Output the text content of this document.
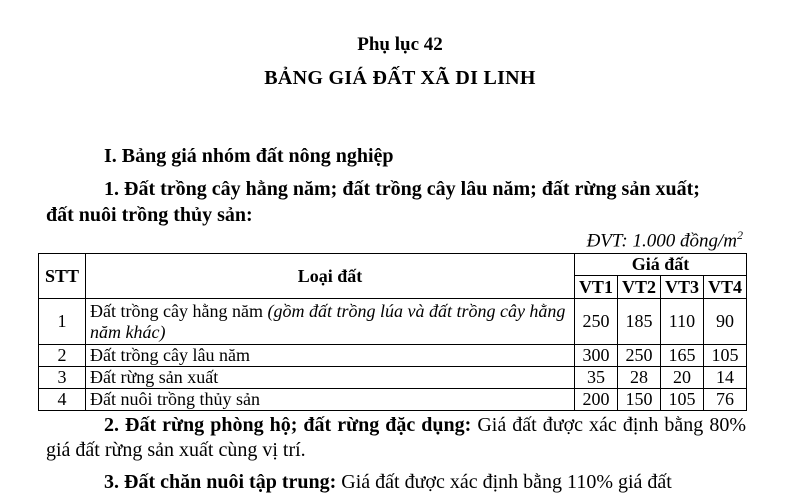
Phụ lục 42
BẢNG GIÁ ĐẤT XÃ DI LINH
I. Bảng giá nhóm đất nông nghiệp
1. Đất trồng cây hằng năm; đất trồng cây lâu năm; đất rừng sản xuất;
đất nuôi trồng thủy sản:
ĐVT: 1.000 đồng/$m^2$
STT	Loại đất	Giá đất			
		VT1	VT2	VT3	VT4
1	Đất trồng cây hằng năm (gồm đất trồng lúa và đất trồng cây hằng năm khác)	250	185	110	90
2	Đất trồng cây lâu năm	300	250	165	105
3	Đất rừng sản xuất	35	28	20	14
4	Đất nuôi trồng thủy sản	200	150	105	76

2. Đất rừng phòng hộ; đất rừng đặc dụng: Giá đất được xác định bằng 80% giá đất rừng sản xuất cùng vị trí.

3. Đất chăn nuôi tập trung: Giá đất được xác định bằng 110% giá đất
